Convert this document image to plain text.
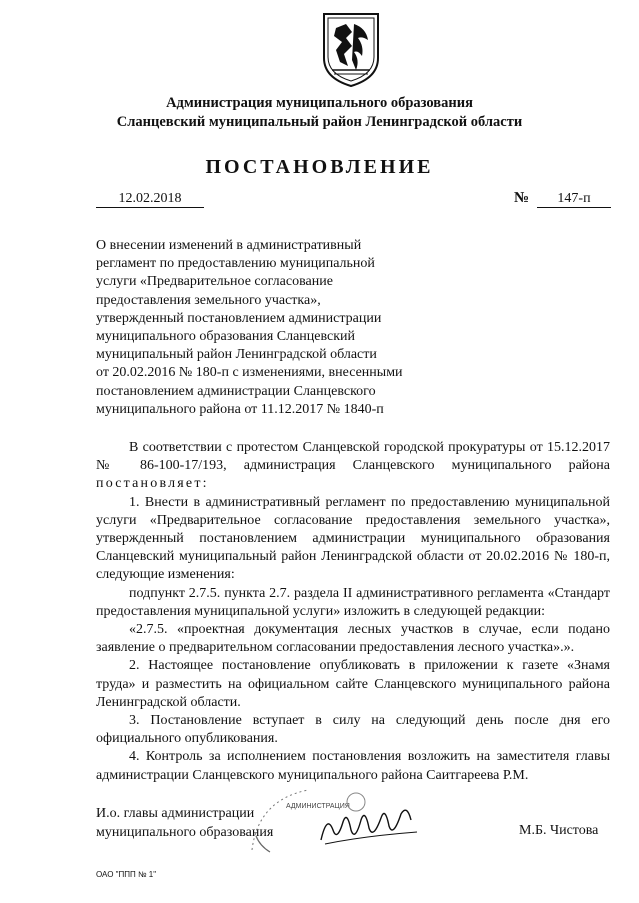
Администрация муниципального образования
Сланцевский муниципальный район Ленинградской области
ПОСТАНОВЛЕНИЕ
12.02.2018	№	147-п
О внесении изменений в административный
регламент по предоставлению муниципальной
услуги «Предварительное согласование
предоставления земельного участка»,
утвержденный постановлением администрации
муниципального образования Сланцевский
муниципальный район Ленинградской области
от 20.02.2016 № 180-п с изменениями, внесенными
постановлением администрации Сланцевского
муниципального района от 11.12.2017 № 1840-п

В соответствии с протестом Сланцевской городской прокуратуры от 15.12.2017 № 86-100-17/193, администрация Сланцевского муниципального района постановляет:

1. Внести в административный регламент по предоставлению муниципальной услуги «Предварительное согласование предоставления земельного участка», утвержденный постановлением администрации муниципального образования Сланцевский муниципальный район Ленинградской области от 20.02.2016 № 180-п, следующие изменения:

подпункт 2.7.5. пункта 2.7. раздела II административного регламента «Стандарт предоставления муниципальной услуги» изложить в следующей редакции:

«2.7.5. «проектная документация лесных участков в случае, если подано заявление о предварительном согласовании предоставления лесного участка».».

2. Настоящее постановление опубликовать в приложении к газете «Знамя труда» и разместить на официальном сайте Сланцевского муниципального района Ленинградской области.

3. Постановление вступает в силу на следующий день после дня его официального опубликования.

4. Контроль за исполнением постановления возложить на заместителя главы администрации Сланцевского муниципального района Саитгареева Р.М.

АДМИНИСТРАЦИЯ
И.о. главы администрации
муниципального образования	М.Б. Чистова
ОАО "ППП № 1"
